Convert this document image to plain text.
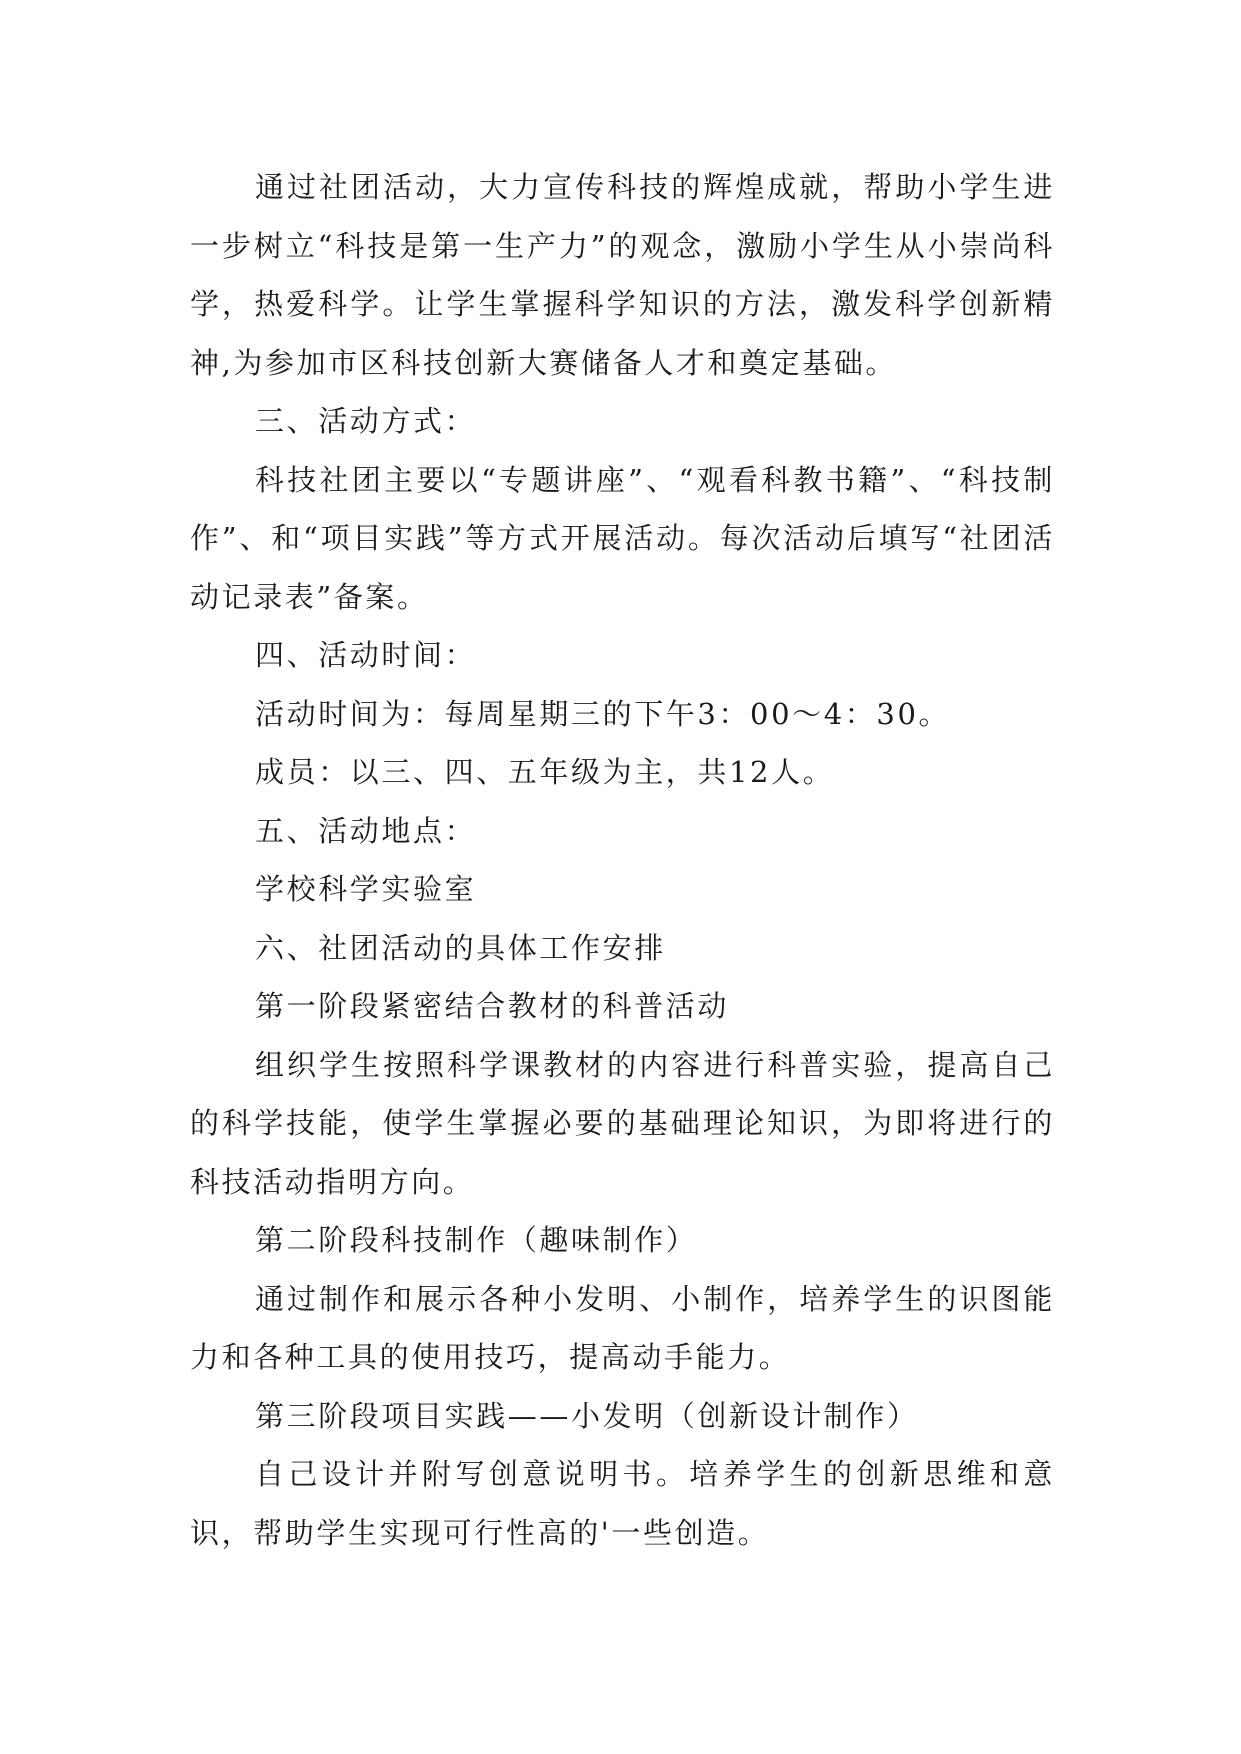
通过社团活动，大力宣传科技的辉煌成就，帮助小学生进一步树立“科技是第一生产力”的观念，激励小学生从小崇尚科学，热爱科学。让学生掌握科学知识的方法，激发科学创新精神,为参加市区科技创新大赛储备人才和奠定基础。

三、活动方式：

科技社团主要以“专题讲座”、“观看科教书籍”、“科技制作”、和“项目实践”等方式开展活动。每次活动后填写“社团活动记录表”备案。

四、活动时间：

活动时间为：每周星期三的下午3：00～4：30。

成员：以三、四、五年级为主，共12人。

五、活动地点：

学校科学实验室

六、社团活动的具体工作安排

第一阶段紧密结合教材的科普活动

组织学生按照科学课教材的内容进行科普实验，提高自己的科学技能，使学生掌握必要的基础理论知识，为即将进行的科技活动指明方向。

第二阶段科技制作（趣味制作）

通过制作和展示各种小发明、小制作，培养学生的识图能力和各种工具的使用技巧，提高动手能力。

第三阶段项目实践——小发明（创新设计制作）

自己设计并附写创意说明书。培养学生的创新思维和意识，帮助学生实现可行性高的'一些创造。
